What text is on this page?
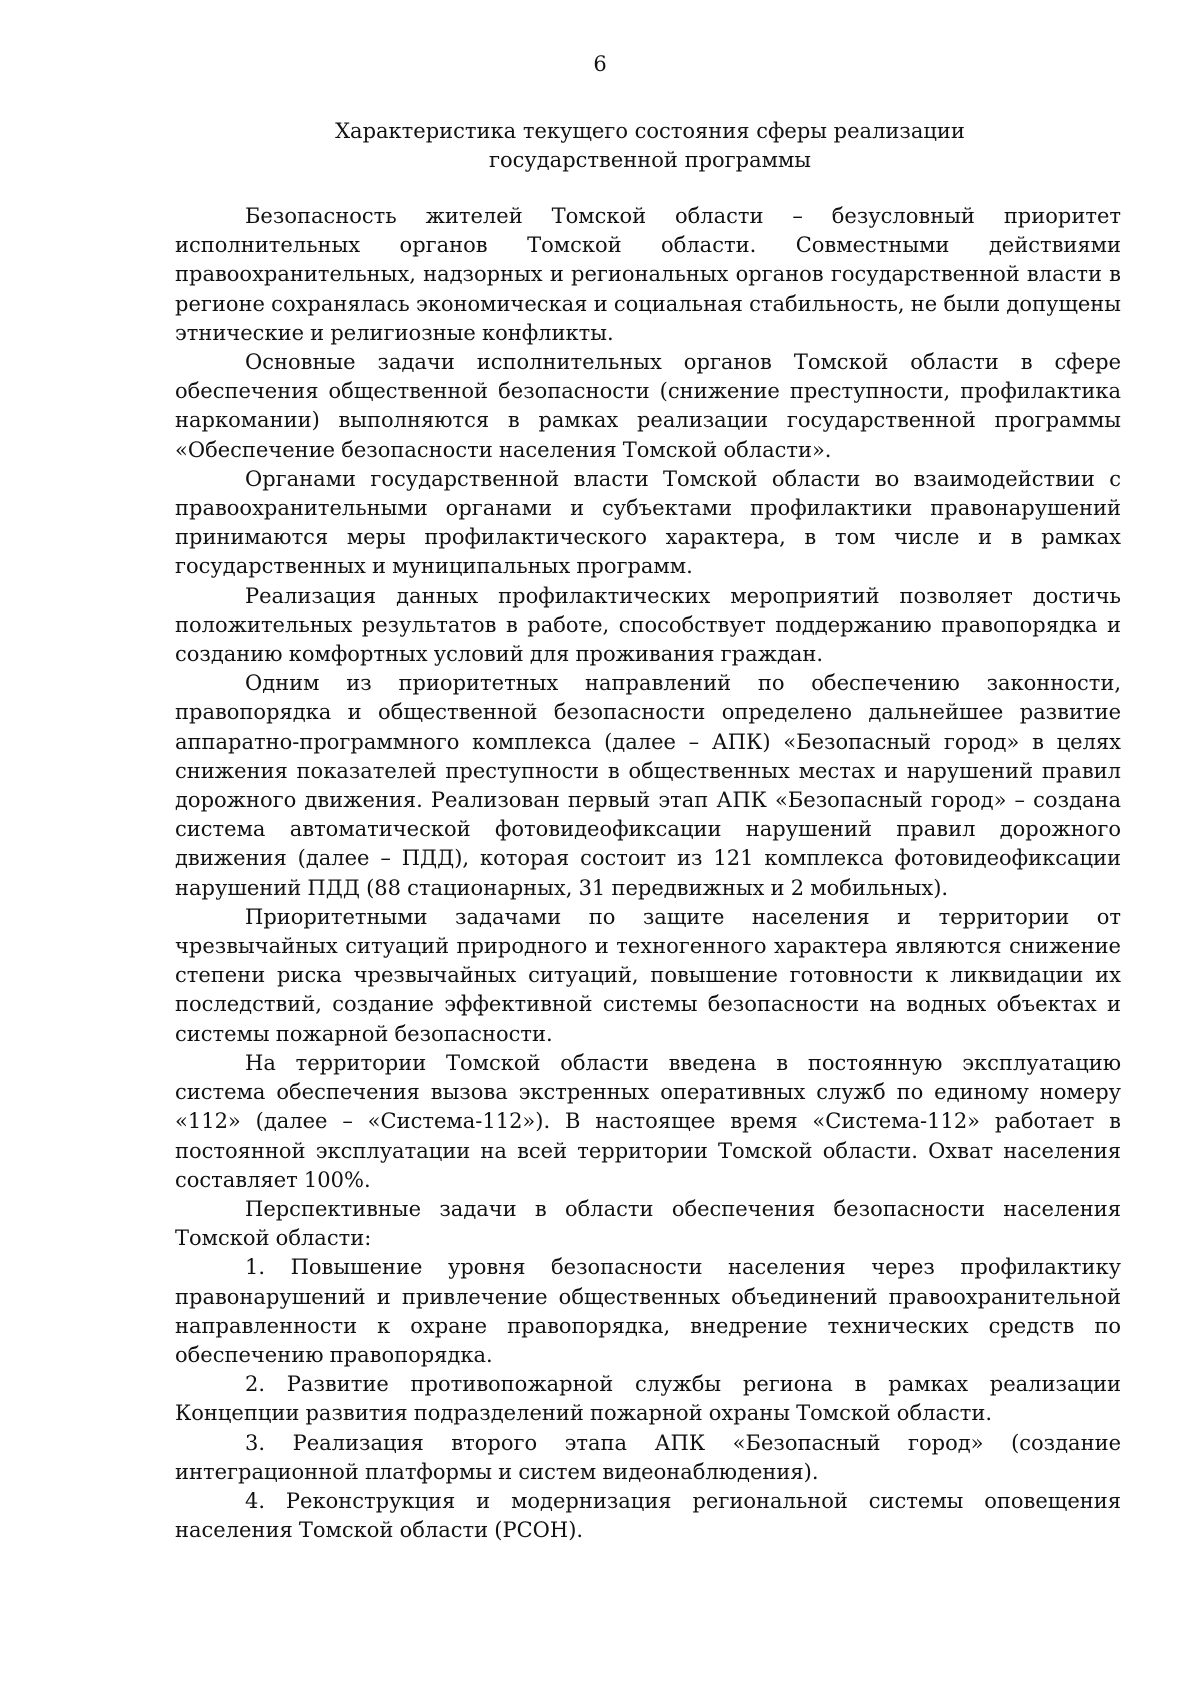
6
Характеристика текущего состояния сферы реализации
государственной программы

Безопасность жителей Томской области – безусловный приоритет исполнительных органов Томской области. Совместными действиями правоохранительных, надзорных и региональных органов государственной власти в регионе сохранялась экономическая и социальная стабильность, не были допущены этнические и религиозные конфликты.

Основные задачи исполнительных органов Томской области в сфере обеспечения общественной безопасности (снижение преступности, профилактика наркомании) выполняются в рамках реализации государственной программы «Обеспечение безопасности населения Томской области».

Органами государственной власти Томской области во взаимодействии с правоохранительными органами и субъектами профилактики правонарушений принимаются меры профилактического характера, в том числе и в рамках государственных и муниципальных программ.

Реализация данных профилактических мероприятий позволяет достичь положительных результатов в работе, способствует поддержанию правопорядка и созданию комфортных условий для проживания граждан.

Одним из приоритетных направлений по обеспечению законности, правопорядка и общественной безопасности определено дальнейшее развитие аппаратно-программного комплекса (далее – АПК) «Безопасный город» в целях снижения показателей преступности в общественных местах и нарушений правил дорожного движения. Реализован первый этап АПК «Безопасный город» – создана система автоматической фотовидеофиксации нарушений правил дорожного движения (далее – ПДД), которая состоит из 121 комплекса фотовидеофиксации нарушений ПДД (88 стационарных, 31 передвижных и 2 мобильных).

Приоритетными задачами по защите населения и территории от чрезвычайных ситуаций природного и техногенного характера являются снижение степени риска чрезвычайных ситуаций, повышение готовности к ликвидации их последствий, создание эффективной системы безопасности на водных объектах и системы пожарной безопасности.

На территории Томской области введена в постоянную эксплуатацию система обеспечения вызова экстренных оперативных служб по единому номеру «112» (далее – «Система-112»). В настоящее время «Система-112» работает в постоянной эксплуатации на всей территории Томской области. Охват населения составляет 100%.

Перспективные задачи в области обеспечения безопасности населения Томской области:

1. Повышение уровня безопасности населения через профилактику правонарушений и привлечение общественных объединений правоохранительной направленности к охране правопорядка, внедрение технических средств по обеспечению правопорядка.

2. Развитие противопожарной службы региона в рамках реализации Концепции развития подразделений пожарной охраны Томской области.

3. Реализация второго этапа АПК «Безопасный город» (создание интеграционной платформы и систем видеонаблюдения).

4. Реконструкция и модернизация региональной системы оповещения населения Томской области (РСОН).
